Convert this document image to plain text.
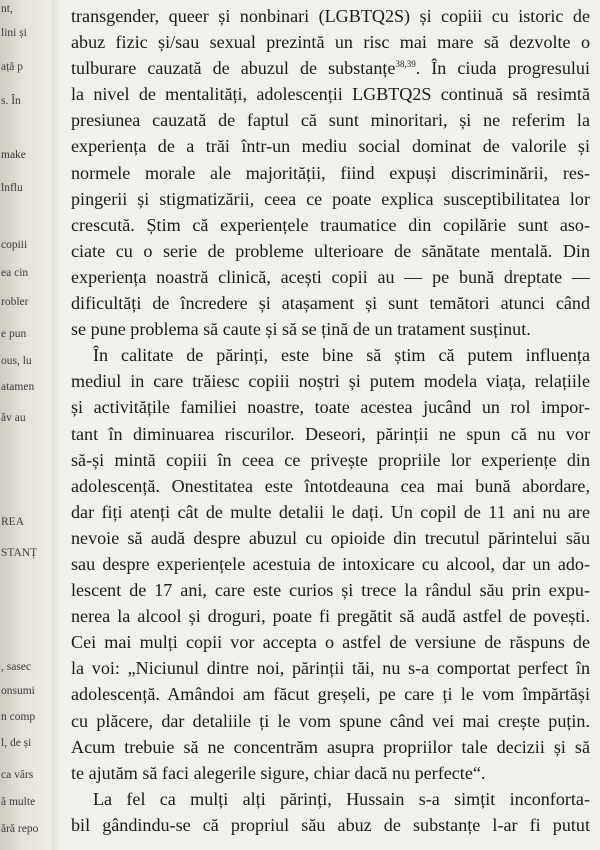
nt,
lini și
ață p
s. În
make
lnflu
copiii
ea cin
robler
e pun
ous, lu
atamen
ăv au
REA
STANȚ
, sasec
onsumi
n comp
l, de și
ca vârs
ă multe
ără repo
transgender, queer și nonbinari (LGBTQ2S) și copiii cu istoric de
abuz fizic și/sau sexual prezintă un risc mai mare să dezvolte o
tulburare cauzată de abuzul de substanțe$^{38,39}$. În ciuda progresului
la nivel de mentalități, adolescenții LGBTQ2S continuă să resimtă
presiunea cauzată de faptul că sunt minoritari, și ne referim la
experiența de a trăi într-un mediu social dominat de valorile și
normele morale ale majorității, fiind expuși discriminării, res-
pingerii și stigmatizării, ceea ce poate explica susceptibilitatea lor
crescută. Știm că experiențele traumatice din copilărie sunt aso-
ciate cu o serie de probleme ulterioare de sănătate mentală. Din
experiența noastră clinică, acești copii au — pe bună dreptate —
dificultăți de încredere și atașament și sunt temători atunci când
se pune problema să caute și să se țină de un tratament susținut.
În calitate de părinți, este bine să știm că putem influența
mediul in care trăiesc copiii noștri și putem modela viața, relațiile
și activitățile familiei noastre, toate acestea jucând un rol impor-
tant în diminuarea riscurilor. Deseori, părinții ne spun că nu vor
să-și mintă copiii în ceea ce privește propriile lor experiențe din
adolescență. Onestitatea este întotdeauna cea mai bună abordare,
dar fiți atenți cât de multe detalii le dați. Un copil de 11 ani nu are
nevoie să audă despre abuzul cu opioide din trecutul părintelui său
sau despre experiențele acestuia de intoxicare cu alcool, dar un ado-
lescent de 17 ani, care este curios și trece la rândul său prin expu-
nerea la alcool și droguri, poate fi pregătit să audă astfel de povești.
Cei mai mulți copii vor accepta o astfel de versiune de răspuns de
la voi: „Niciunul dintre noi, părinții tăi, nu s-a comportat perfect în
adolescență. Amândoi am făcut greșeli, pe care ți le vom împărtăși
cu plăcere, dar detaliile ți le vom spune când vei mai crește puțin.
Acum trebuie să ne concentrăm asupra propriilor tale decizii și să
te ajutăm să faci alegerile sigure, chiar dacă nu perfecte“.
La fel ca mulți alți părinți, Hussain s-a simțit inconforta-
bil gândindu-se că propriul său abuz de substanțe l-ar fi putut
